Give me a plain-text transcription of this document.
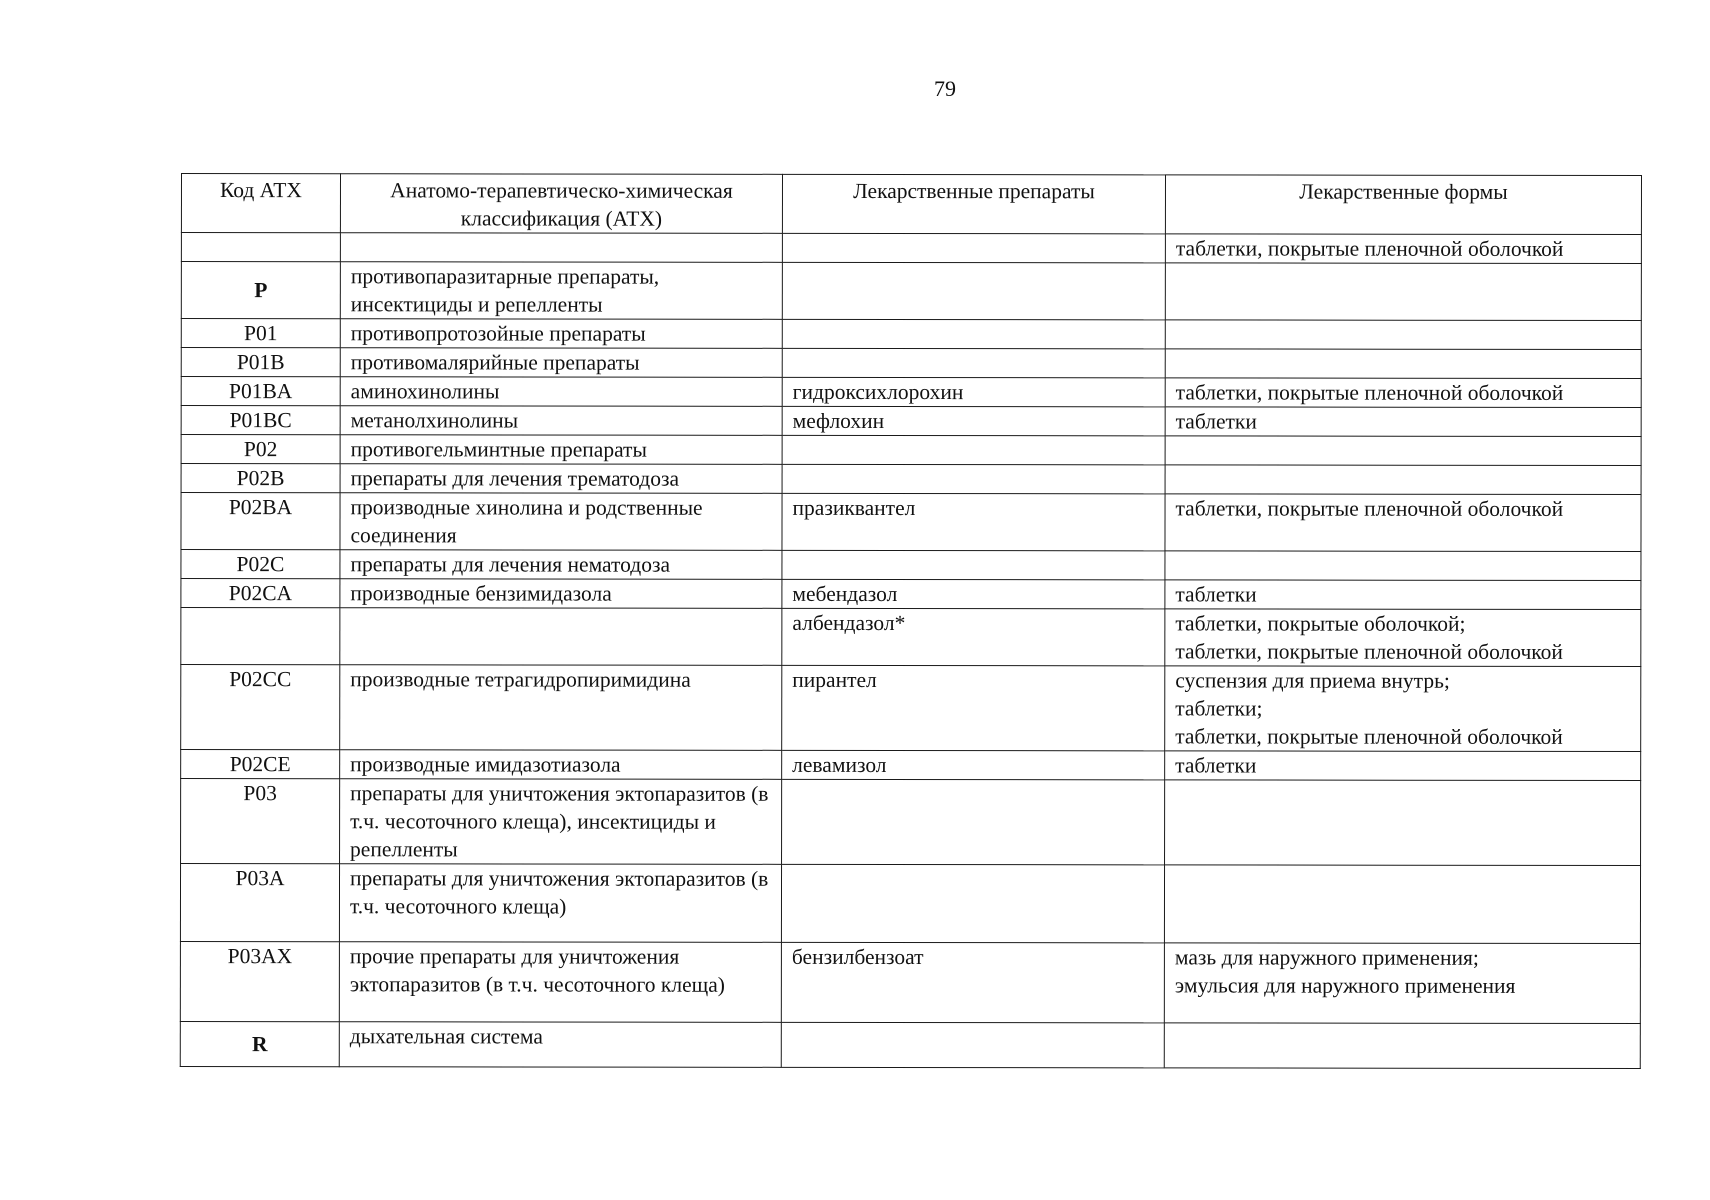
79
Код АТХ	Анатомо-терапевтическо-химическая классификация (АТХ)	Лекарственные препараты	Лекарственные формы

			таблетки, покрытые пленочной оболочкой

P	противопаразитарные препараты, инсектициды и репелленты		
P01	противопротозойные препараты		
P01B	противомалярийные препараты		
P01BA	аминохинолины	гидроксихлорохин	таблетки, покрытые пленочной оболочкой

P01BC	метанолхинолины	мефлохин	таблетки

P02	противогельминтные препараты		
P02B	препараты для лечения трематодоза		
P02BA	производные хинолина и родственные соединения	празиквантел	таблетки, покрытые пленочной оболочкой

P02C	препараты для лечения нематодоза		
P02CA	производные бензимидазола	мебендазол	таблетки

		албендазол*	таблетки, покрытые оболочкой;
таблетки, покрытые пленочной оболочкой

P02CC	производные тетрагидропиримидина	пирантел	суспензия для приема внутрь;
таблетки;
таблетки, покрытые пленочной оболочкой

P02CE	производные имидазотиазола	левамизол	таблетки

P03	препараты для уничтожения эктопаразитов (в т.ч. чесоточного клеща), инсектициды и репелленты		
P03A	препараты для уничтожения эктопаразитов (в т.ч. чесоточного клеща)		
P03AX	прочие препараты для уничтожения эктопаразитов (в т.ч. чесоточного клеща)	бензилбензоат	мазь для наружного применения;
эмульсия для наружного применения

R	дыхательная система		
